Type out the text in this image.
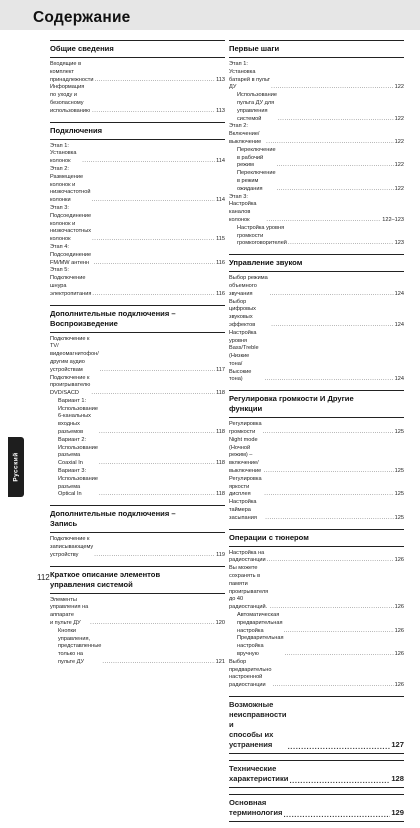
Содержание
Общие сведения
Входящие в комплект принадлежности .....	113
Информация по уходу и безопасному
использованию .....	113
Подключения
Этап 1: Установка колонок .....	114
Этап 2: Размещение колонок и
низкочастотной колонки .....	114
Этап 3: Подсоединение колонок и
низкочастотных колонок .....	115
Этап 4: Подсоединение FM/MW антенн .....	116
Этап 5: Подключение шнура
электропитания .....	116
Дополнительные подключения –
Воспроизведение
Подключение к TV/видеомагнитофон/
другим аудио устройствам .....	117
Подключение к проигрывателю
DVD/SACD .....	118
Вариант 1: Использование
6-канальных входных разъемов .....	118
Вариант 2: Использование разъема
Coaxial In .....	118
Вариант 3: Использование разъема
Optical In .....	118
Дополнительные подключения –
Запись
Подключение к записывающему
устройству .....	119
Краткое описание элементов
управления системой
Элементы управления на аппарате
и пульте ДУ .....	120
Кнопки управления, представленные
только на пульте ДУ .....	121
Первые шаги
Этап 1: Установка батарей в пульт ДУ .....	122
Использование пульта ДУ для
управления системой .....	122
Этап 2: Включение/выключение .....	122
Переключение в рабочий режим .....	122
Переключение в режим ожидания .....	122
Этап 3: Настройка каналов колонок .....	122–123
Настройка уровня громкости
громкоговорителей .....	123
Управление звуком
Выбор режима объемного звучания .....	124
Выбор цифровых звуковых эффектов .....	124
Настройка уровня Bass/Treble
(Низкие тона/Высокие тона) .....	124
Регулировка громкости И Другие
функции
Регулировка громкости .....	125
Night mode (Ночной режим) –
включение/выключение .....	125
Регулировка яркости дисплея .....	125
Настройка таймера засыпания .....	125
Операции с тюнером
Настройка на радиостанции .....	126
Вы можете сохранять в памяти
проигрывателя до 40 радиостанций. .....	126
Автоматическая предварительная
настройка .....	126
Предварительная настройка вручную .....	126
Выбор предварительно настроенной
радиостанции .....	126
Возможные неисправности и
способы их устранения .....	127
Технические характеристики .....	128
Основная терминология .....	129
Русский
112
